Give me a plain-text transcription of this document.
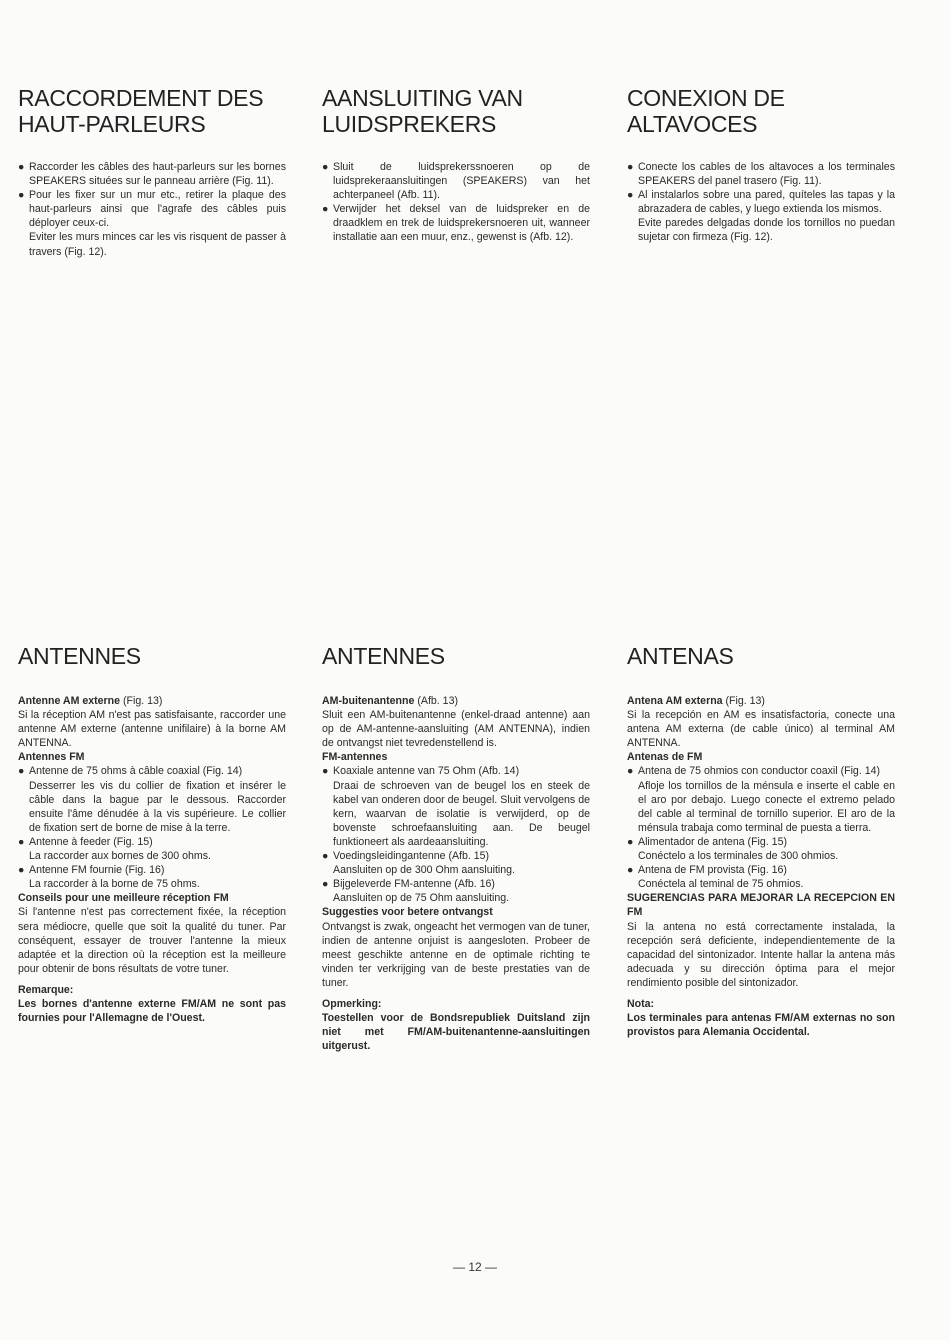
RACCORDEMENT DES HAUT-PARLEURS
● Raccorder les câbles des haut-parleurs sur les bornes SPEAKERS situées sur le panneau arrière (Fig. 11).
● Pour les fixer sur un mur etc., retirer la plaque des haut-parleurs ainsi que l'agrafe des câbles puis déployer ceux-ci.
Eviter les murs minces car les vis risquent de passer à travers (Fig. 12).
AANSLUITING VAN LUIDSPREKERS
● Sluit de luidsprekerssnoeren op de luidsprekeraansluitingen (SPEAKERS) van het achterpaneel (Afb. 11).
● Verwijder het deksel van de luidspreker en de draadklem en trek de luidsprekersnoeren uit, wanneer installatie aan een muur, enz., gewenst is (Afb. 12).
CONEXION DE ALTAVOCES
● Conecte los cables de los altavoces a los terminales SPEAKERS del panel trasero (Fig. 11).
● Al instalarlos sobre una pared, quíteles las tapas y la abrazadera de cables, y luego extienda los mismos.
Evite paredes delgadas donde los tornillos no puedan sujetar con firmeza (Fig. 12).
ANTENNES

Antenne AM externe (Fig. 13)

Si la réception AM n'est pas satisfaisante, raccorder une antenne AM externe (antenne unifilaire) à la borne AM ANTENNA.

Antennes FM

● Antenne de 75 ohms à câble coaxial (Fig. 14)
Desserrer les vis du collier de fixation et insérer le câble dans la bague par le dessous. Raccorder ensuite l'âme dénudée à la vis supérieure. Le collier de fixation sert de borne de mise à la terre.
● Antenne à feeder (Fig. 15)
La raccorder aux bornes de 300 ohms.
● Antenne FM fournie (Fig. 16)
La raccorder à la borne de 75 ohms.

Conseils pour une meilleure réception FM

Si l'antenne n'est pas correctement fixée, la réception sera médiocre, quelle que soit la qualité du tuner. Par conséquent, essayer de trouver l'antenne la mieux adaptée et la direction où la réception est la meilleure pour obtenir de bons résultats de votre tuner.

Remarque:

Les bornes d'antenne externe FM/AM ne sont pas fournies pour l'Allemagne de l'Ouest.

ANTENNES

AM-buitenantenne (Afb. 13)

Sluit een AM-buitenantenne (enkel-draad antenne) aan op de AM-antenne-aansluiting (AM ANTENNA), indien de ontvangst niet tevredenstellend is.

FM-antennes

● Koaxiale antenne van 75 Ohm (Afb. 14)
Draai de schroeven van de beugel los en steek de kabel van onderen door de beugel. Sluit vervolgens de kern, waarvan de isolatie is verwijderd, op de bovenste schroefaansluiting aan. De beugel funktioneert als aardeaansluiting.
● Voedingsleidingantenne (Afb. 15)
Aansluiten op de 300 Ohm aansluiting.
● Bijgeleverde FM-antenne (Afb. 16)
Aansluiten op de 75 Ohm aansluiting.

Suggesties voor betere ontvangst

Ontvangst is zwak, ongeacht het vermogen van de tuner, indien de antenne onjuist is aangesloten. Probeer de meest geschikte antenne en de optimale richting te vinden ter verkrijging van de beste prestaties van de tuner.

Opmerking:

Toestellen voor de Bondsrepubliek Duitsland zijn niet met FM/AM-buitenantenne-aansluitingen uitgerust.

ANTENAS

Antena AM externa (Fig. 13)

Si la recepción en AM es insatisfactoria, conecte una antena AM externa (de cable único) al terminal AM ANTENNA.

Antenas de FM

● Antena de 75 ohmios con conductor coaxil (Fig. 14)
Afloje los tornillos de la ménsula e inserte el cable en el aro por debajo. Luego conecte el extremo pelado del cable al terminal de tornillo superior. El aro de la ménsula trabaja como terminal de puesta a tierra.
● Alimentador de antena (Fig. 15)
Conéctelo a los terminales de 300 ohmios.
● Antena de FM provista (Fig. 16)
Conéctela al teminal de 75 ohmios.

SUGERENCIAS PARA MEJORAR LA RECEPCION EN FM

Si la antena no está correctamente instalada, la recepción será deficiente, independientemente de la capacidad del sintonizador. Intente hallar la antena más adecuada y su dirección óptima para el mejor rendimiento posible del sintonizador.

Nota:

Los terminales para antenas FM/AM externas no son provistos para Alemania Occidental.

— 12 —
